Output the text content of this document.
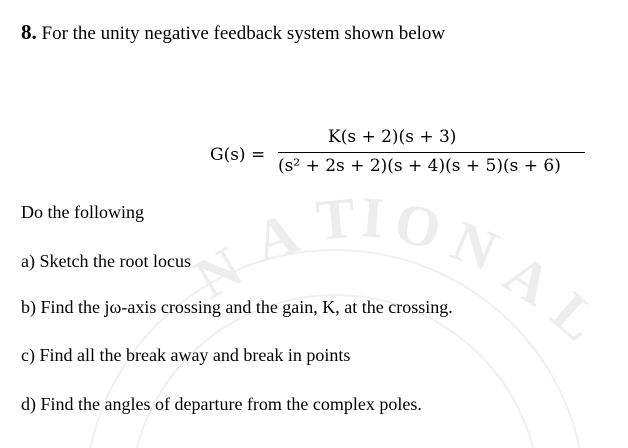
N
A T I O
N
A
L
8. For the unity negative feedback system shown below
G(s) =
K(s + 2)(s + 3)
(s² + 2s + 2)(s + 4)(s + 5)(s + 6)
Do the following
a) Sketch the root locus
b) Find the jω-axis crossing and the gain, K, at the crossing.
c) Find all the break away and break in points
d) Find the angles of departure from the complex poles.
